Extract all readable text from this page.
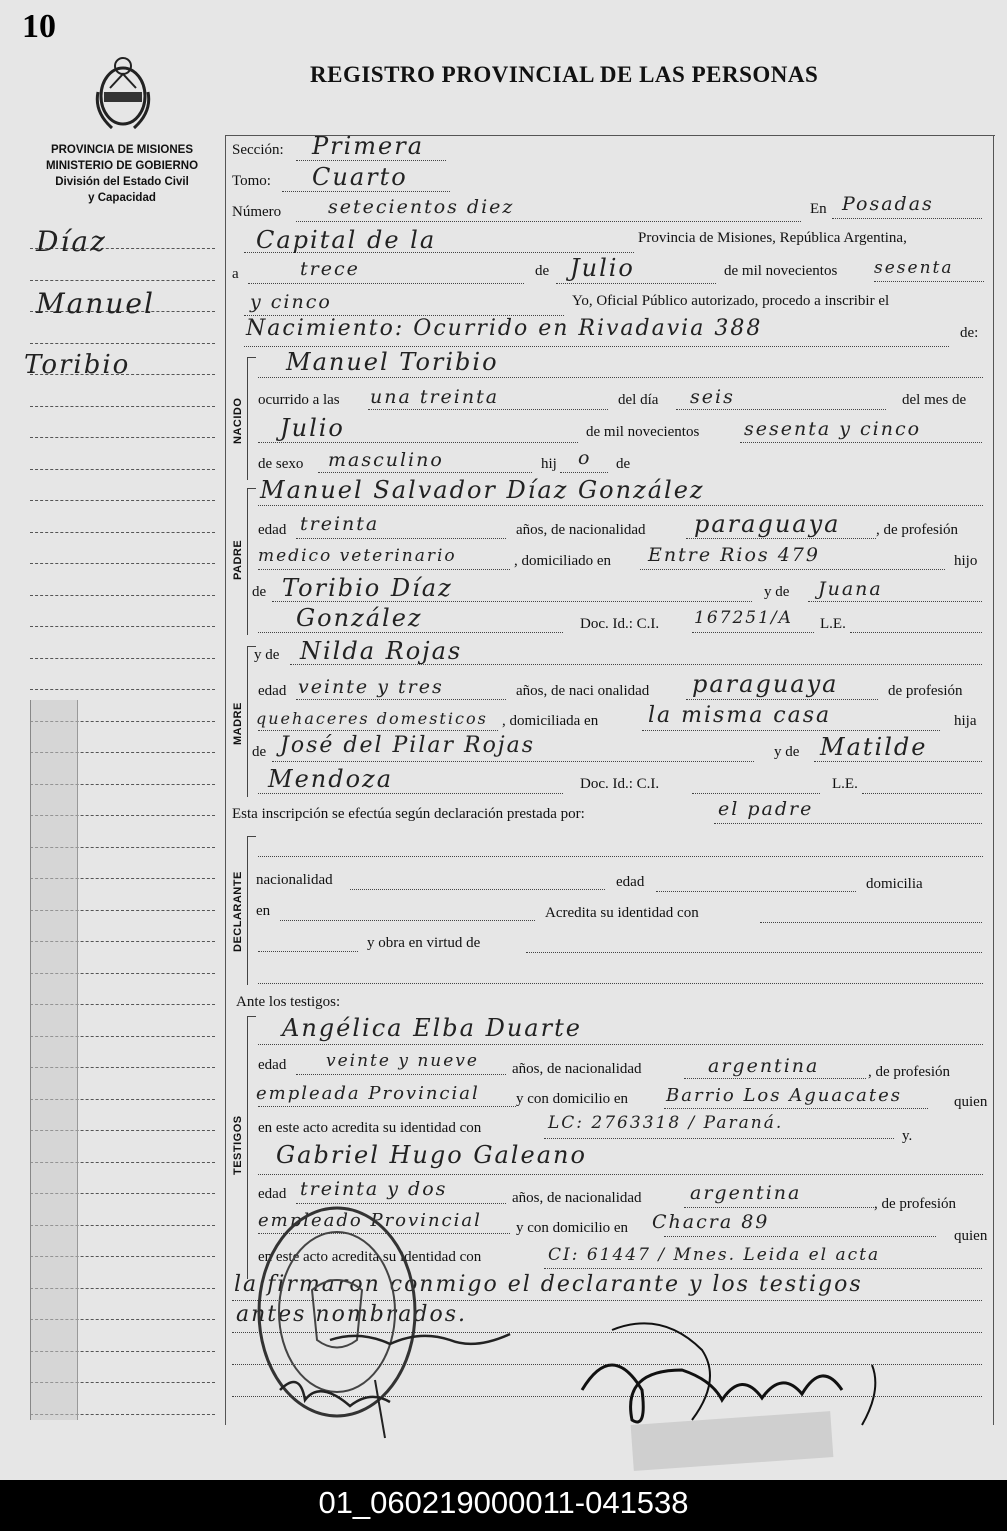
10
REGISTRO PROVINCIAL DE LAS PERSONAS
PROVINCIA DE MISIONES
MINISTERIO DE GOBIERNO
División del Estado Civil
y Capacidad
Díaz
Manuel
Toribio
Sección: Primera
Tomo: Cuarto
Número setecientos diez	En Posadas
Capital de la	Provincia de Misiones, República Argentina,
a	trece	de Julio	de mil novecientos sesenta
y cinco	Yo, Oficial Público autorizado, procedo a inscribir el
Nacimiento: Ocurrido en Rivadavia 388	de:
NACIDO
Manuel Toribio
ocurrido a las una treinta	del día seis	del mes de
Julio	de mil novecientos sesenta y cinco
de sexo masculino	hij o de
PADRE
Manuel Salvador Díaz González
edad treinta	años, de nacionalidad paraguaya , de profesión
medico veterinario	, domiciliado en Entre Rios 479	hijo
de Toribio Díaz	y de Juana
González	Doc. Id.: C.I. 167251/A L.E.
MADRE
y de Nilda Rojas
edad veinte y tres	años, de naci onalidad paraguaya	de profesión
quehaceres domesticos , domiciliada en la misma casa	hija
de José del Pilar Rojas	y de Matilde
Mendoza	Doc. Id.: C.I.	L.E.
Esta inscripción se efectúa según declaración prestada por:	el padre
DECLARANTE nacionalidad	edad	domicilia
en	Acredita su identidad con
y obra en virtud de
Ante los testigos:
TESTIGOS
Angélica Elba Duarte
edad veinte y nueve años, de nacionalidad	argentina	, de profesión
empleada Provincial y con domicilio en Barrio Los Aguacates	quien
en este acto acredita su identidad con	LC: 2763318 / Paraná.
y.
Gabriel Hugo Galeano
edad treinta y dos	años, de nacionalidad	argentina	, de profesión
empleado Provincial y con domicilio en Chacra 89
quien
en este acto acredita su identidad con	CI: 61447 / Mnes. Leida el acta
la firmaron conmigo el declarante y los testigos
antes nombrados.
01_060219000011-041538
